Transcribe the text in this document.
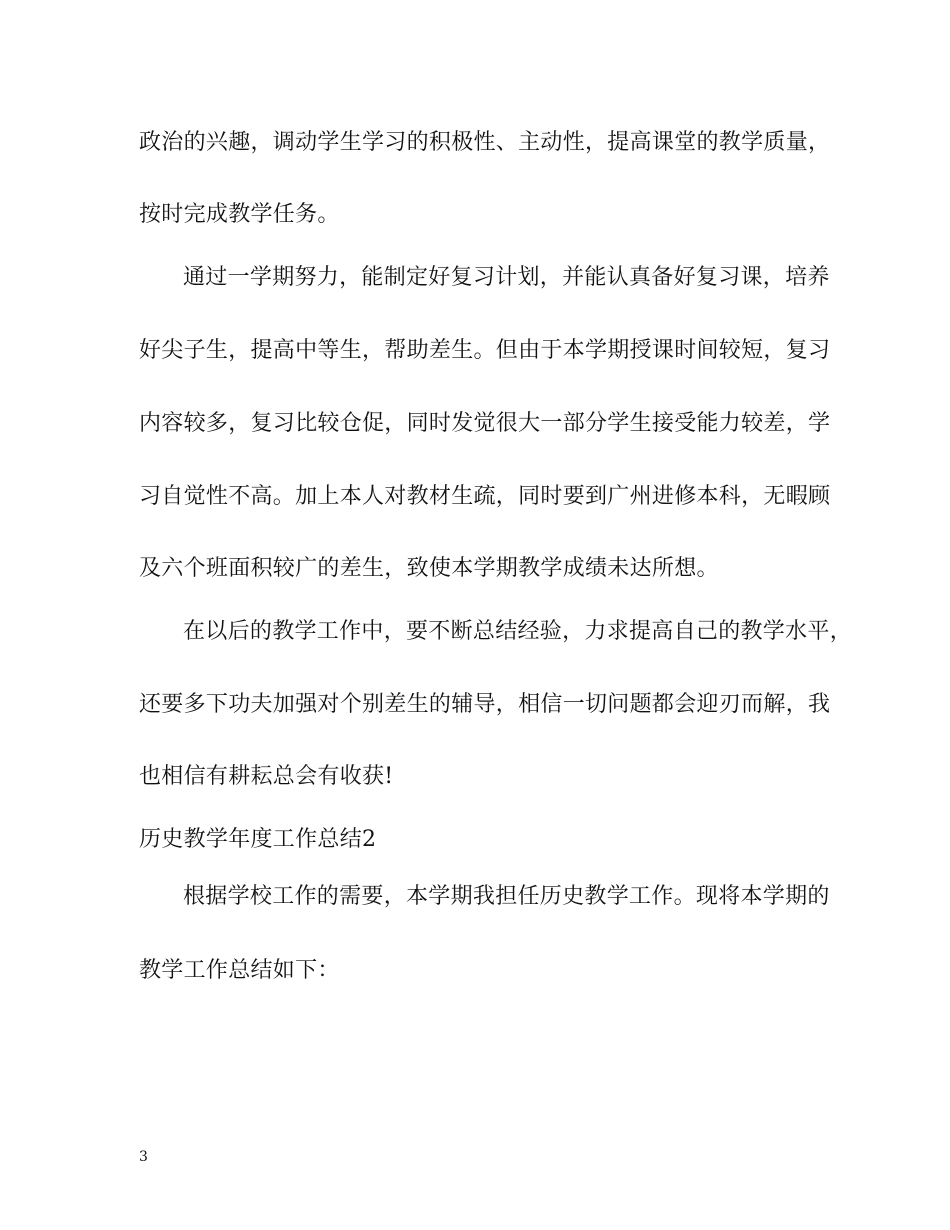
政治的兴趣，调动学生学习的积极性、主动性，提高课堂的教学质量，
按时完成教学任务。
通过一学期努力，能制定好复习计划，并能认真备好复习课，培养
好尖子生，提高中等生，帮助差生。但由于本学期授课时间较短，复习
内容较多，复习比较仓促，同时发觉很大一部分学生接受能力较差，学
习自觉性不高。加上本人对教材生疏，同时要到广州进修本科，无暇顾
及六个班面积较广的差生，致使本学期教学成绩未达所想。
在以后的教学工作中，要不断总结经验，力求提高自己的教学水平，
还要多下功夫加强对个别差生的辅导，相信一切问题都会迎刃而解，我
也相信有耕耘总会有收获!
历史教学年度工作总结2
根据学校工作的需要，本学期我担任历史教学工作。现将本学期的
教学工作总结如下：
3
